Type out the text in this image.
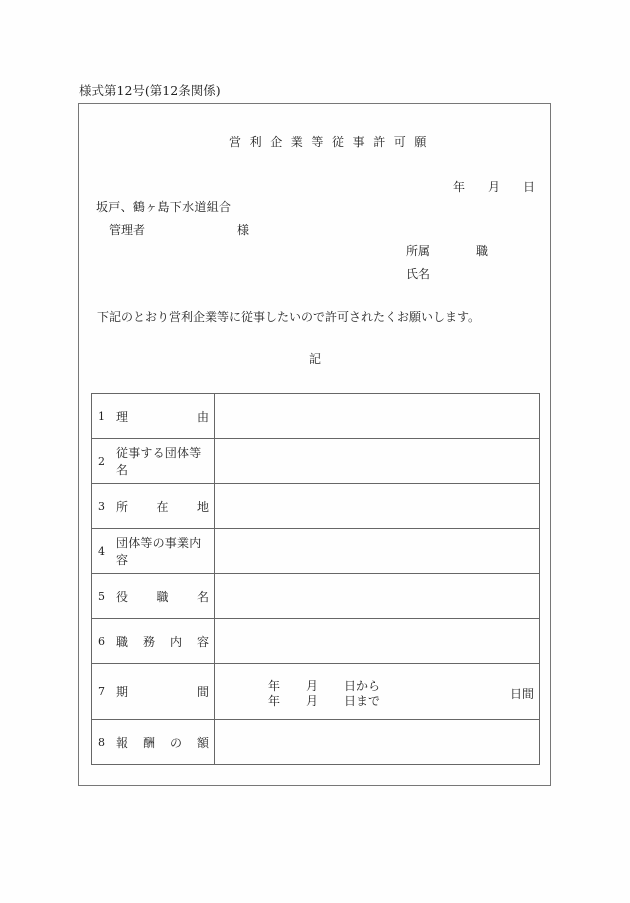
様式第12号(第12条関係)
営利企業等従事許可願
年 月 日
坂戸、鶴ヶ島下水道組合
管理者	様
所属	職
氏名
下記のとおり営利企業等に従事したいので許可されたくお願いします。
記
1 理 由	

2
従事する団体等名	

3 所 在 地	

4
団体等の事業内容	

5 役 職 名	

6 職 務 内 容	

7 期	間	年 月 日から
年 月 日まで	日間

8 報 酬 の 額	
